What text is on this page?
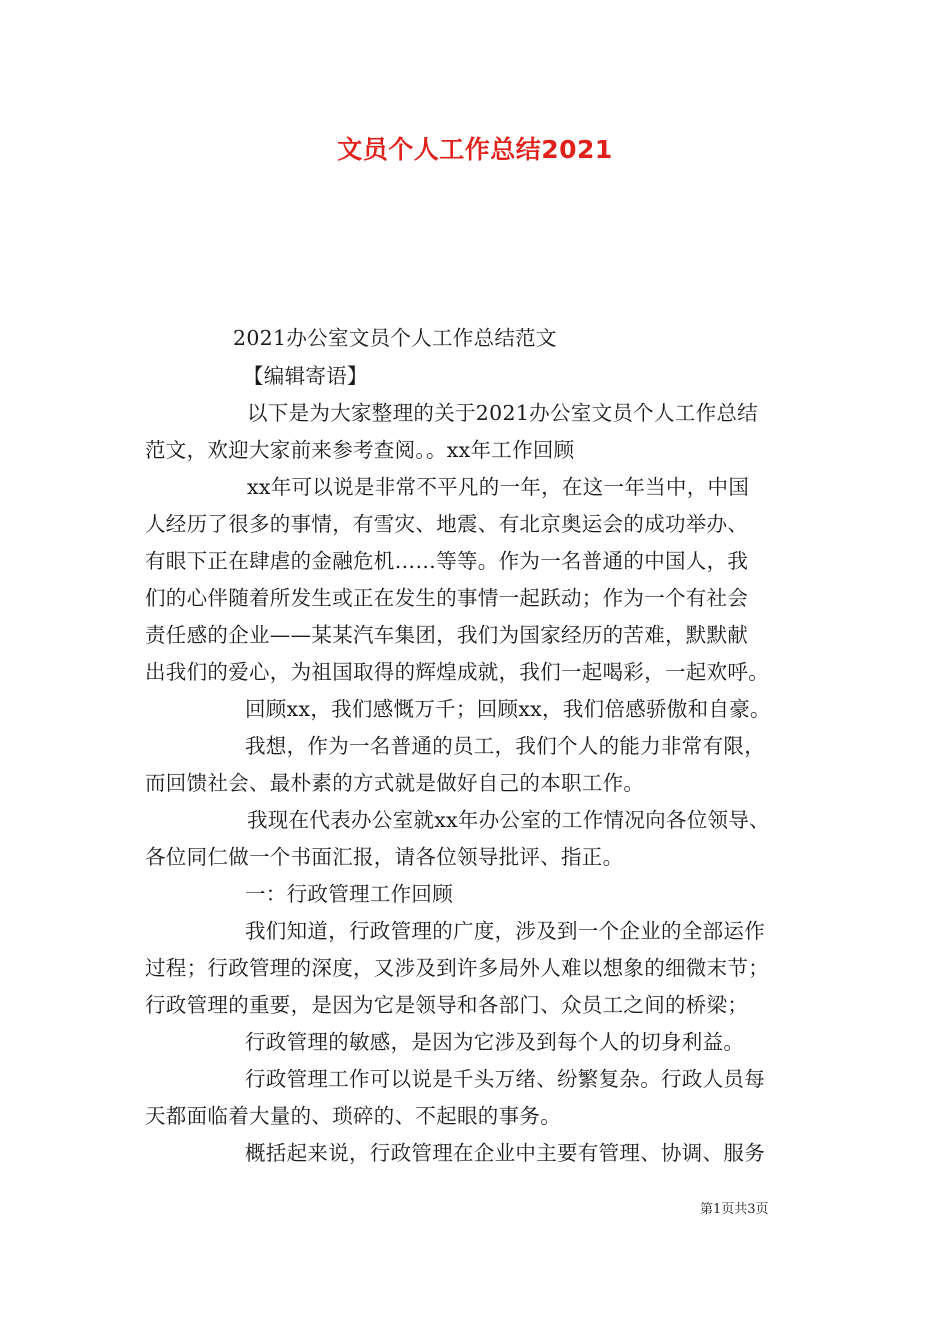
文员个人工作总结2021
2021办公室文员个人工作总结范文
【编辑寄语】
以下是为大家整理的关于2021办公室文员个人工作总结
范文，欢迎大家前来参考查阅。。xx年工作回顾
xx年可以说是非常不平凡的一年，在这一年当中，中国
人经历了很多的事情，有雪灾、地震、有北京奥运会的成功举办、
有眼下正在肆虐的金融危机……等等。作为一名普通的中国人，我
们的心伴随着所发生或正在发生的事情一起跃动；作为一个有社会
责任感的企业——某某汽车集团，我们为国家经历的苦难，默默献
出我们的爱心，为祖国取得的辉煌成就，我们一起喝彩，一起欢呼。
回顾xx，我们感慨万千；回顾xx，我们倍感骄傲和自豪。
我想，作为一名普通的员工，我们个人的能力非常有限，
而回馈社会、最朴素的方式就是做好自己的本职工作。
我现在代表办公室就xx年办公室的工作情况向各位领导、
各位同仁做一个书面汇报，请各位领导批评、指正。
一：行政管理工作回顾
我们知道，行政管理的广度，涉及到一个企业的全部运作
过程；行政管理的深度，又涉及到许多局外人难以想象的细微末节；
行政管理的重要，是因为它是领导和各部门、众员工之间的桥梁；
行政管理的敏感，是因为它涉及到每个人的切身利益。
行政管理工作可以说是千头万绪、纷繁复杂。行政人员每
天都面临着大量的、琐碎的、不起眼的事务。
概括起来说，行政管理在企业中主要有管理、协调、服务
第1页共3页
